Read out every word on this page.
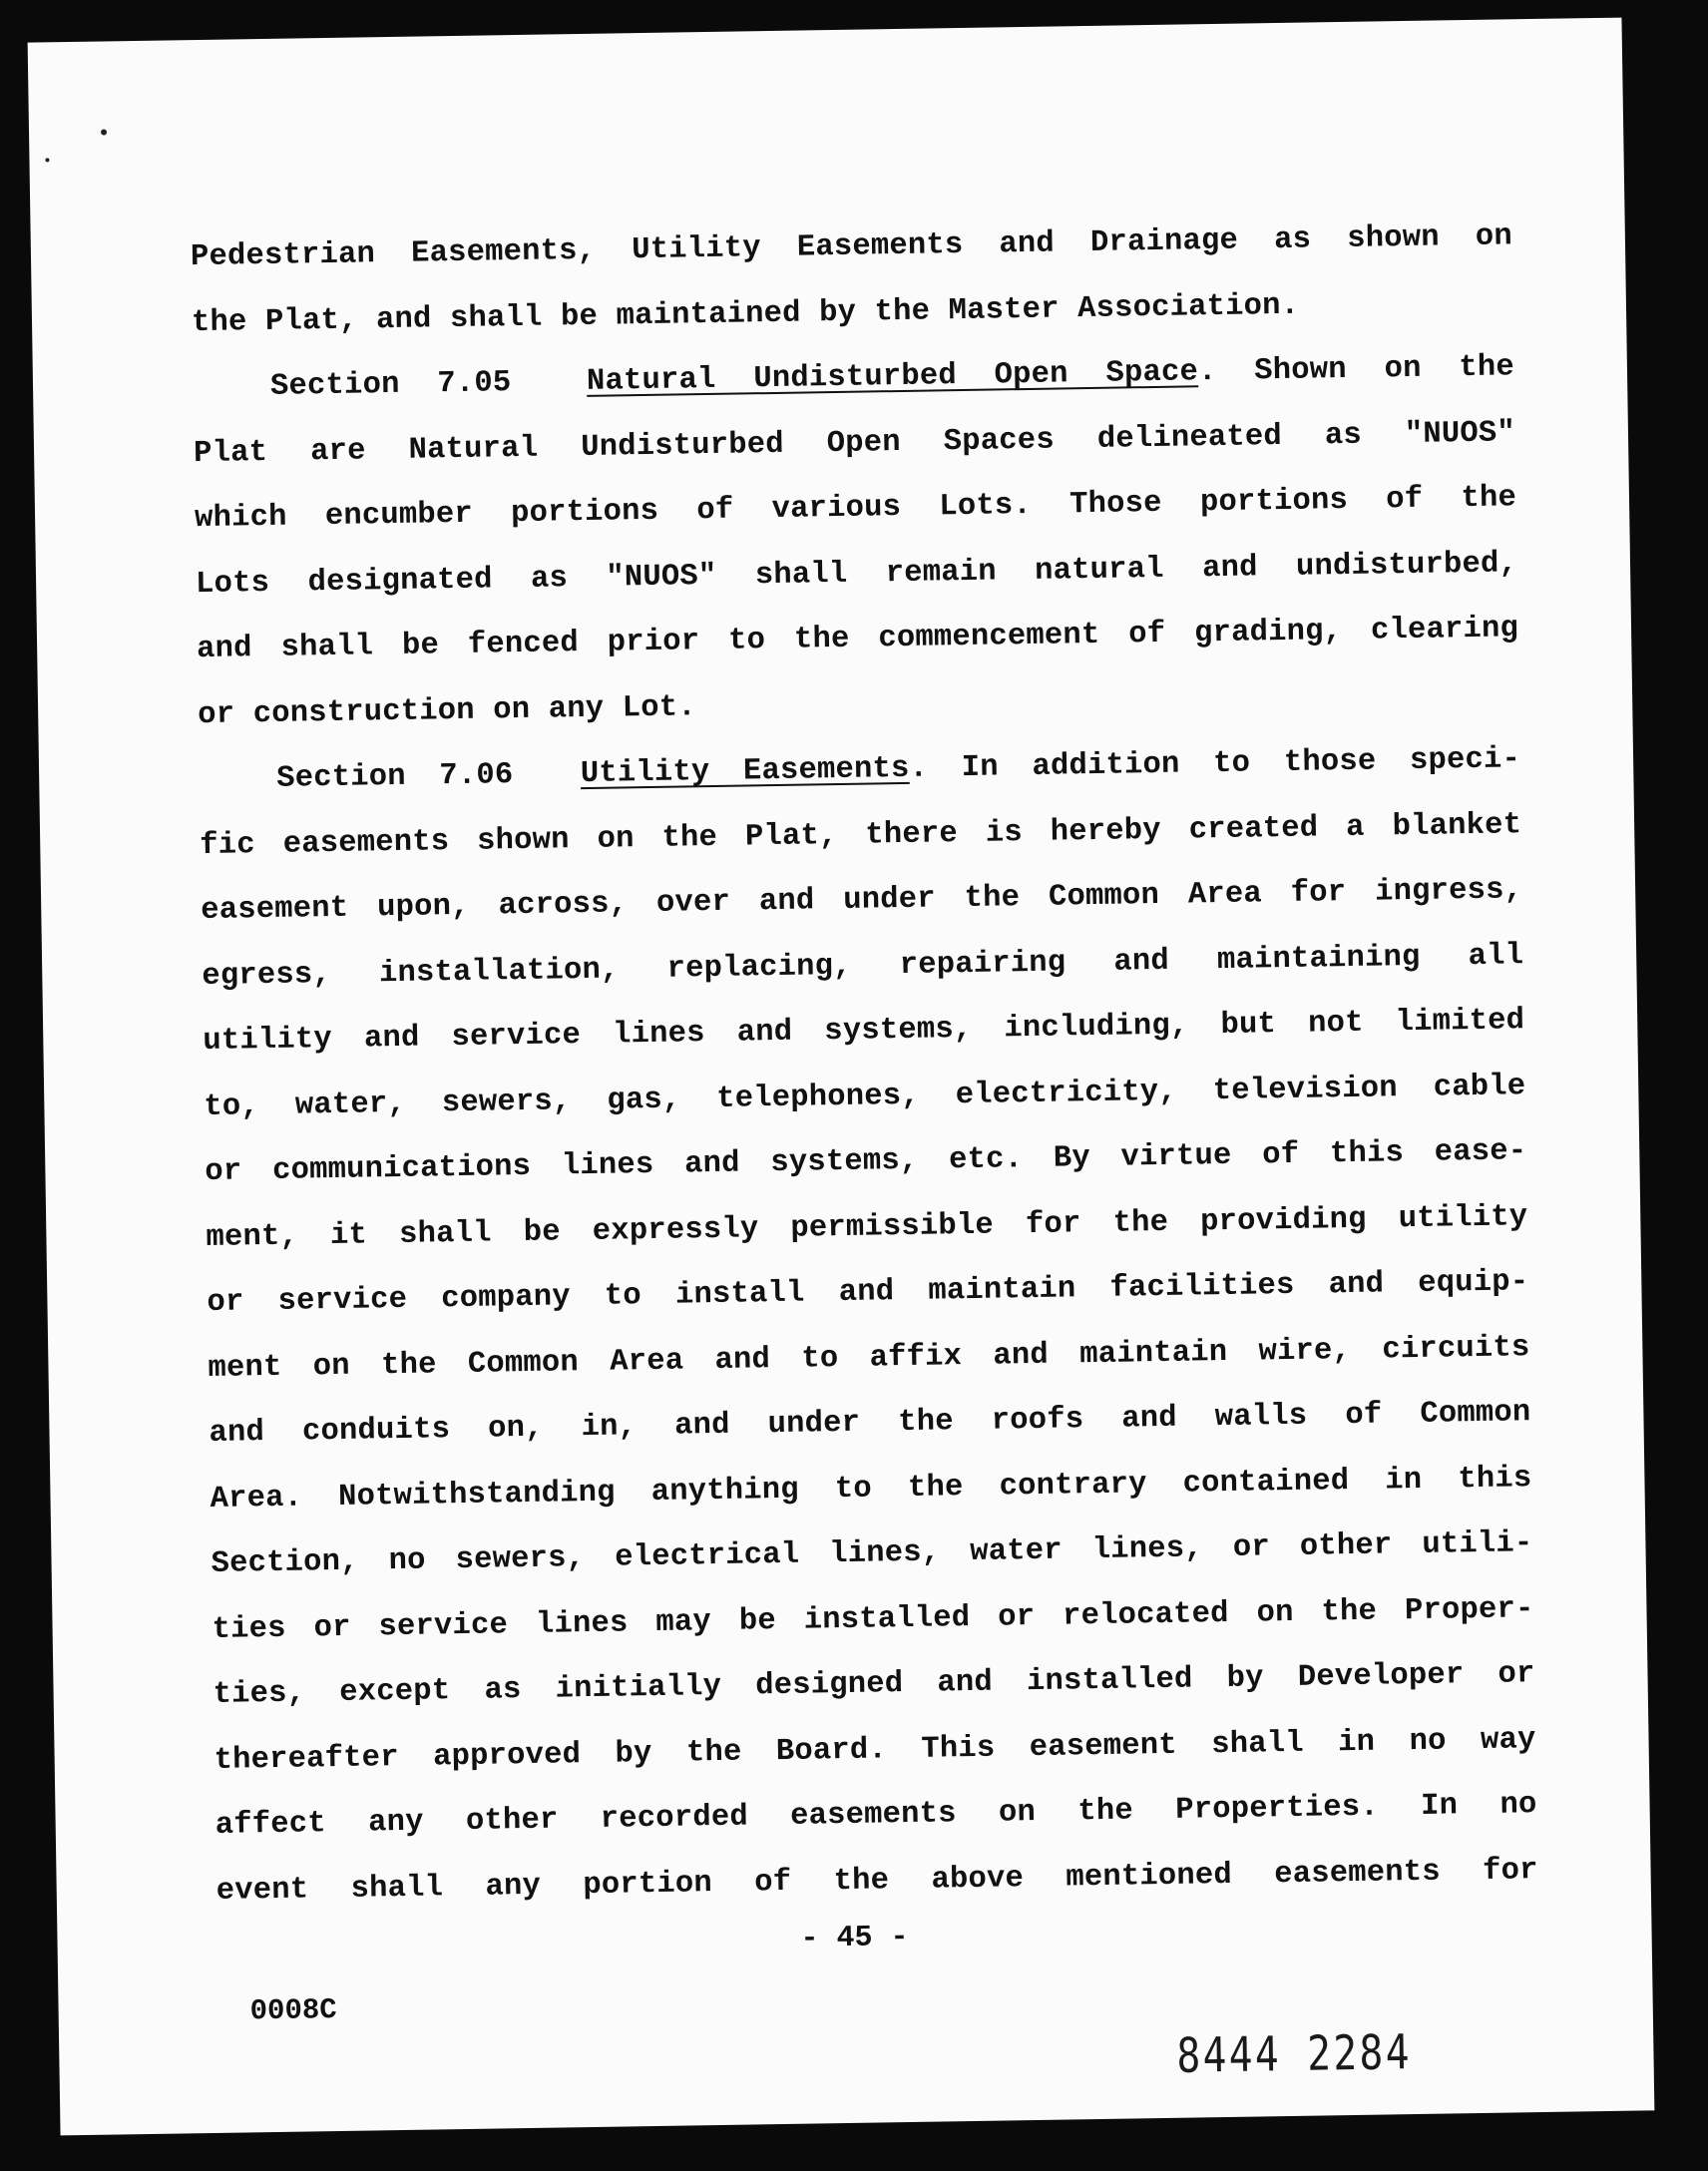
Pedestrian Easements, Utility Easements and Drainage as shown on
the Plat, and shall be maintained by the Master Association.
Section 7.05 Natural Undisturbed Open Space. Shown on the
Plat are Natural Undisturbed Open Spaces delineated as "NUOS"
which encumber portions of various Lots. Those portions of the
Lots designated as "NUOS" shall remain natural and undisturbed,
and shall be fenced prior to the commencement of grading, clearing
or construction on any Lot.
Section 7.06 Utility Easements. In addition to those speci-
fic easements shown on the Plat, there is hereby created a blanket
easement upon, across, over and under the Common Area for ingress,
egress, installation, replacing, repairing and maintaining all
utility and service lines and systems, including, but not limited
to, water, sewers, gas, telephones, electricity, television cable
or communications lines and systems, etc. By virtue of this ease-
ment, it shall be expressly permissible for the providing utility
or service company to install and maintain facilities and equip-
ment on the Common Area and to affix and maintain wire, circuits
and conduits on, in, and under the roofs and walls of Common
Area. Notwithstanding anything to the contrary contained in this
Section, no sewers, electrical lines, water lines, or other utili-
ties or service lines may be installed or relocated on the Proper-
ties, except as initially designed and installed by Developer or
thereafter approved by the Board. This easement shall in no way
affect any other recorded easements on the Properties. In no
event shall any portion of the above mentioned easements for
- 45 -
0008C
8444 2284
